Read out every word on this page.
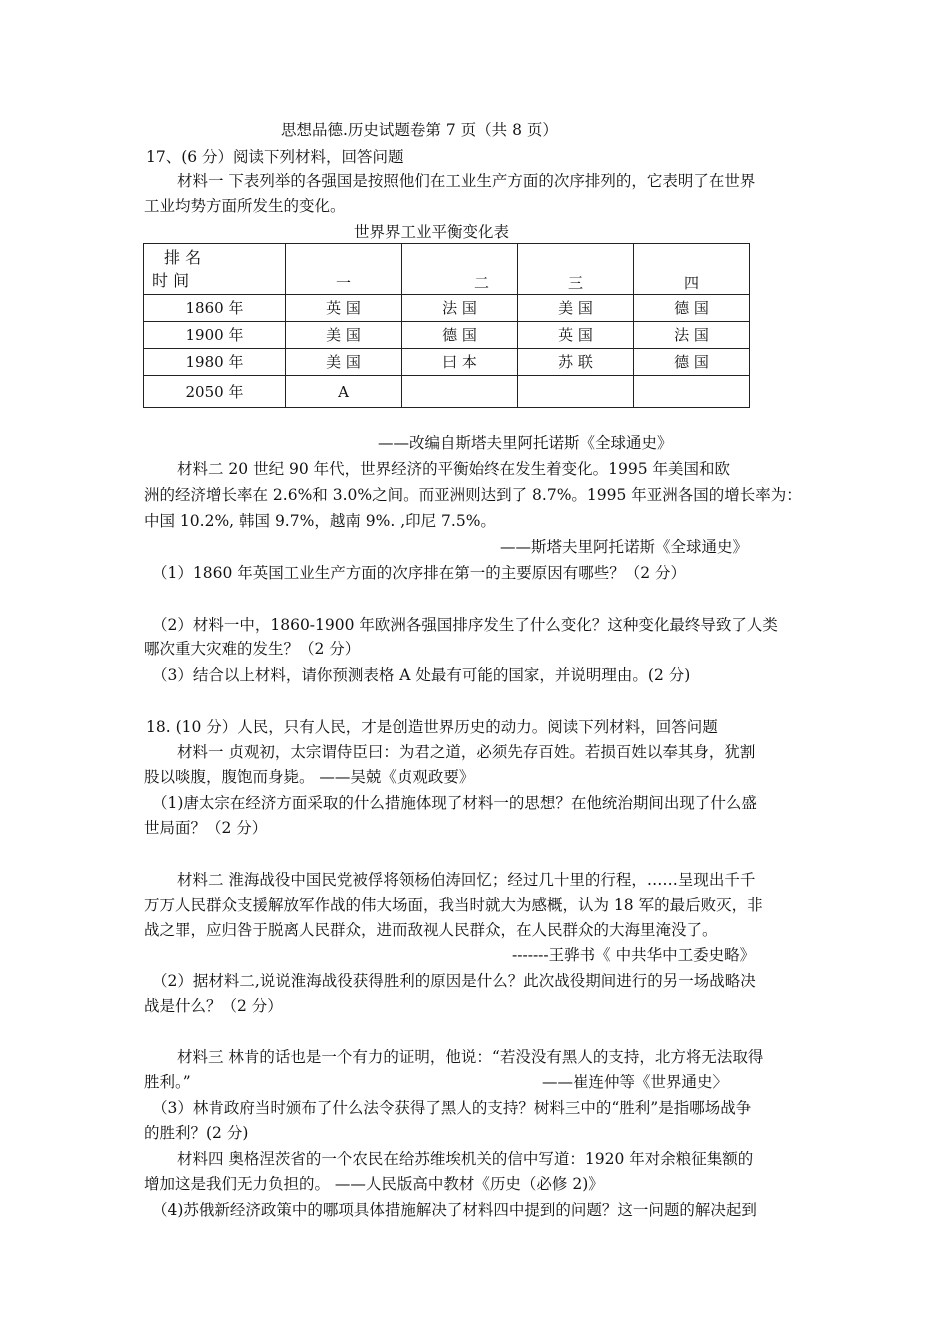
思想品德.历史试题卷第 7 页（共 8 页）
17、(6 分）阅读下列材料，回答问题
材料一 下表列举的各强国是按照他们在工业生产方面的次序排列的，它表明了在世界
工业均势方面所发生的变化。
世界界工业平衡变化表
排 名
时 间	一	二	三	四
1860 年	英 国	法 国	美 国	德 国
1900 年	美 国	德 国	英 国	法 国
1980 年	美 国	曰 本	苏 联	德 国
2050 年	A			
——改编自斯塔夫里阿托诺斯《全球通史》
材料二 20 世纪 90 年代，世界经济的平衡始终在发生着变化。1995 年美国和欧
洲的经济增长率在 2.6%和 3.0%之间。而亚洲则达到了 8.7%。1995 年亚洲各国的增长率为：
中国 10.2%, 韩国 9.7%，越南 9%. ,印尼 7.5%。
——斯塔夫里阿托诺斯《全球通史》
（1）1860 年英国工业生产方面的次序排在第一的主要原因有哪些？（2 分）
（2）材料一中，1860-1900 年欧洲各强国排序发生了什么变化？这种变化最终导致了人类
哪次重大灾难的发生？（2 分）
（3）结合以上材料，请你预测表格 A 处最有可能的国家，并说明理由。(2 分)
18. (10 分）人民，只有人民，才是创造世界历史的动力。阅读下列材料，回答问题
材料一 贞观初，太宗谓侍臣曰：为君之道，必须先存百姓。若损百姓以奉其身，犹割
股以啖腹，腹饱而身毙。 ——吴兢《贞观政要》
（1)唐太宗在经济方面采取的什么措施体现了材料一的思想？在他统治期间出现了什么盛
世局面？（2 分）
材料二 淮海战役中国民党被俘将领杨伯涛回忆；经过几十里的行程，……呈现出千千
万万人民群众支援解放军作战的伟大场面，我当时就大为感概，认为 18 军的最后败灭，非
战之罪，应归咎于脱离人民群众，进而敌视人民群众，在人民群众的大海里淹没了。
-------王骅书《 中共华中工委史略》
（2）据材料二,说说淮海战役获得胜利的原因是什么？此次战役期间进行的另一场战略决
战是什么？（2 分）
材料三 林肯的话也是一个有力的证明，他说：“若没没有黑人的支持，北方将无法取得
胜利。”	——崔连仲等《世界通史〉
（3）林肯政府当时颁布了什么法令获得了黑人的支持？树料三中的“胜利”是指哪场战争
的胜利？(2 分)
材料四 奥格涅茨省的一个农民在给苏维埃机关的信中写道：1920 年对余粮征集额的
增加这是我们无力负担的。 ——人民版高中教材《历史（必修 2)》
（4)苏俄新经济政策中的哪项具体措施解决了材料四中提到的问题？这一问题的解决起到
